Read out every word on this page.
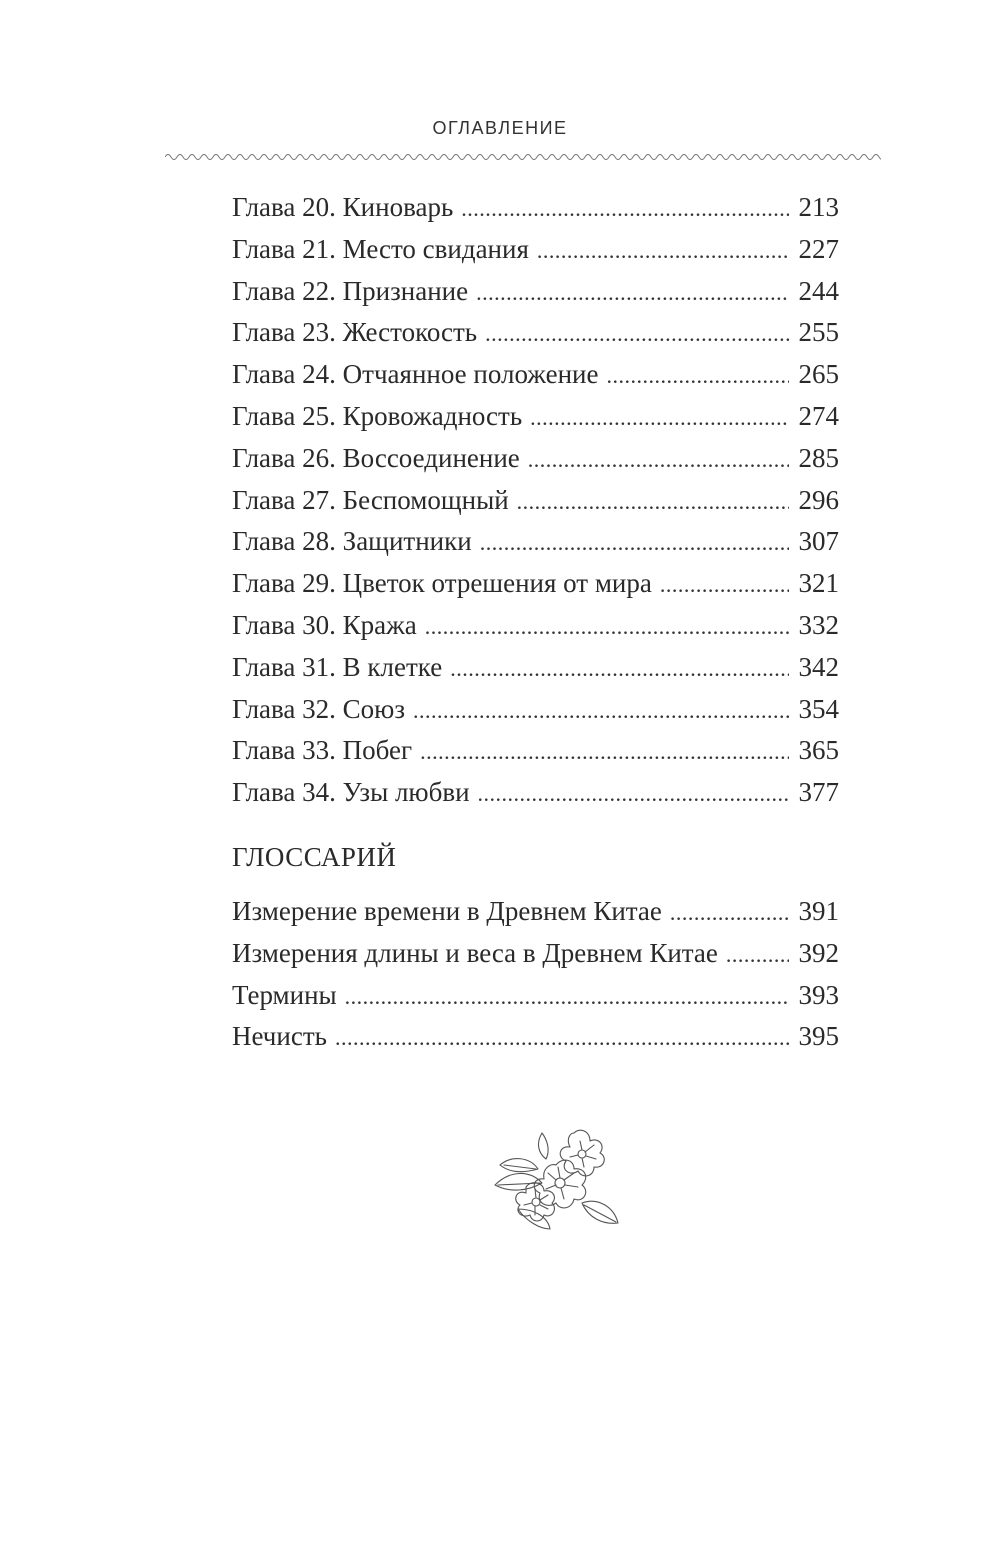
ОГЛАВЛЕНИЕ
Глава 20. Киноварь .....	213
Глава 21. Место свидания .....	227
Глава 22. Признание .....	244
Глава 23. Жестокость .....	255
Глава 24. Отчаянное положение .....	265
Глава 25. Кровожадность .....	274
Глава 26. Воссоединение .....	285
Глава 27. Беспомощный .....	296
Глава 28. Защитники .....	307
Глава 29. Цветок отрешения от мира .....	321
Глава 30. Кража .....	332
Глава 31. В клетке .....	342
Глава 32. Союз .....	354
Глава 33. Побег .....	365
Глава 34. Узы любви .....	377
ГЛОССАРИЙ
Измерение времени в Древнем Китае .....	391
Измерения длины и веса в Древнем Китае .....	392
Термины .....	393
Нечисть .....	395
